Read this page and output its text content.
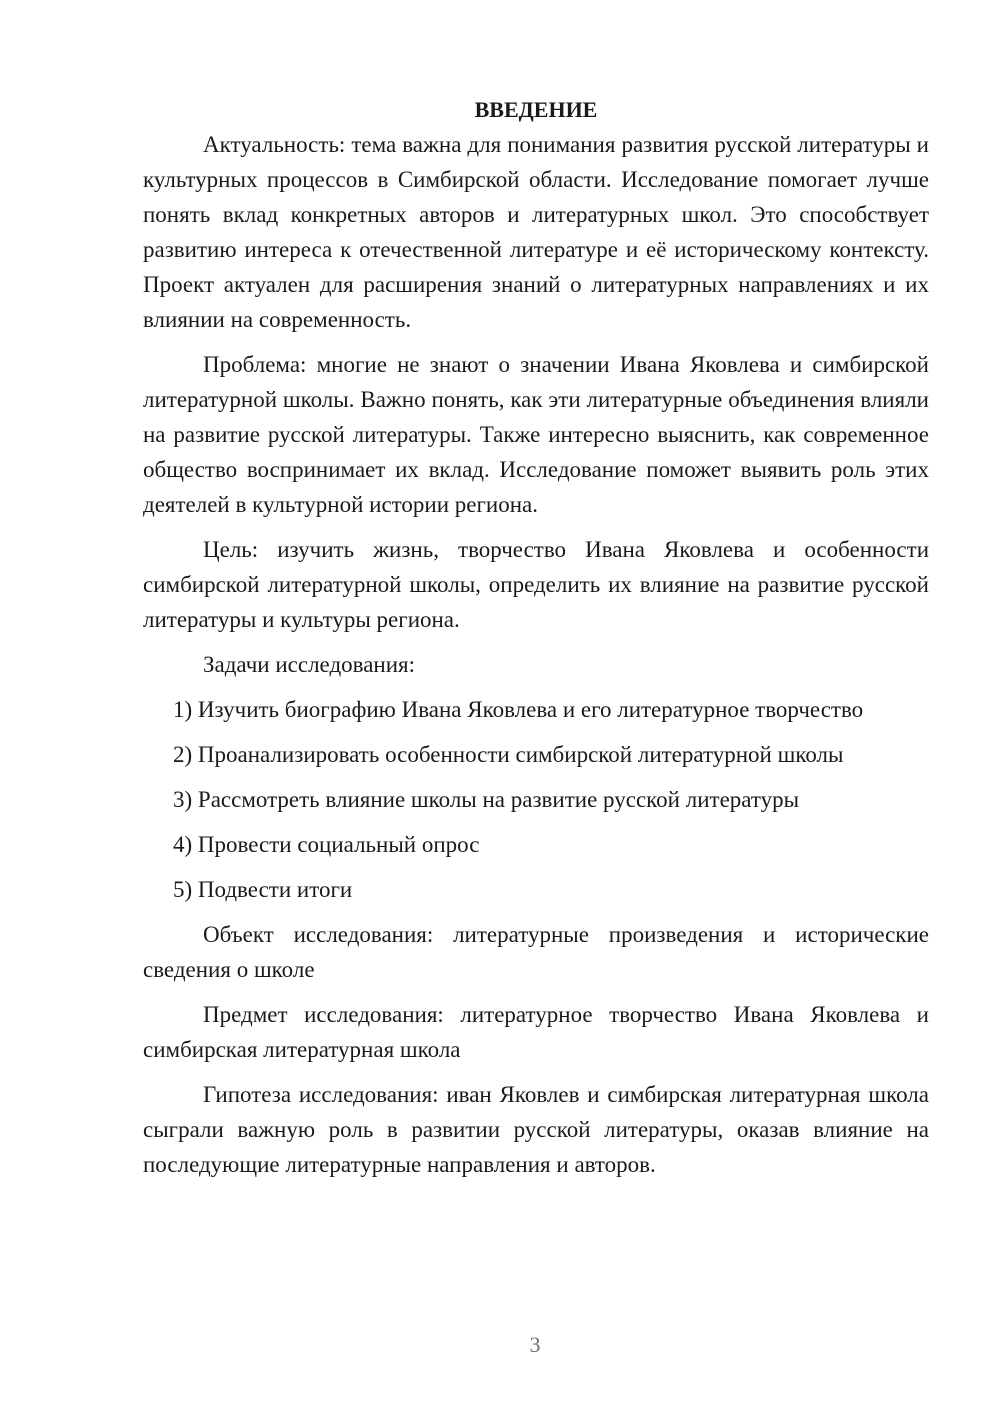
ВВЕДЕНИЕ

Актуальность: тема важна для понимания развития русской литературы и культурных процессов в Симбирской области. Исследование помогает лучше понять вклад конкретных авторов и литературных школ. Это способствует развитию интереса к отечественной литературе и её историческому контексту. Проект актуален для расширения знаний о литературных направлениях и их влиянии на современность.

Проблема: многие не знают о значении Ивана Яковлева и симбирской литературной школы. Важно понять, как эти литературные объединения влияли на развитие русской литературы. Также интересно выяснить, как современное общество воспринимает их вклад. Исследование поможет выявить роль этих деятелей в культурной истории региона.

Цель: изучить жизнь, творчество Ивана Яковлева и особенности симбирской литературной школы, определить их влияние на развитие русской литературы и культуры региона.

Задачи исследования:

1) Изучить биографию Ивана Яковлева и его литературное творчество

2) Проанализировать особенности симбирской литературной школы

3) Рассмотреть влияние школы на развитие русской литературы

4) Провести социальный опрос

5) Подвести итоги

Объект исследования: литературные произведения и исторические сведения о школе

Предмет исследования: литературное творчество Ивана Яковлева и симбирская литературная школа

Гипотеза исследования: иван Яковлев и симбирская литературная школа сыграли важную роль в развитии русской литературы, оказав влияние на последующие литературные направления и авторов.

3
